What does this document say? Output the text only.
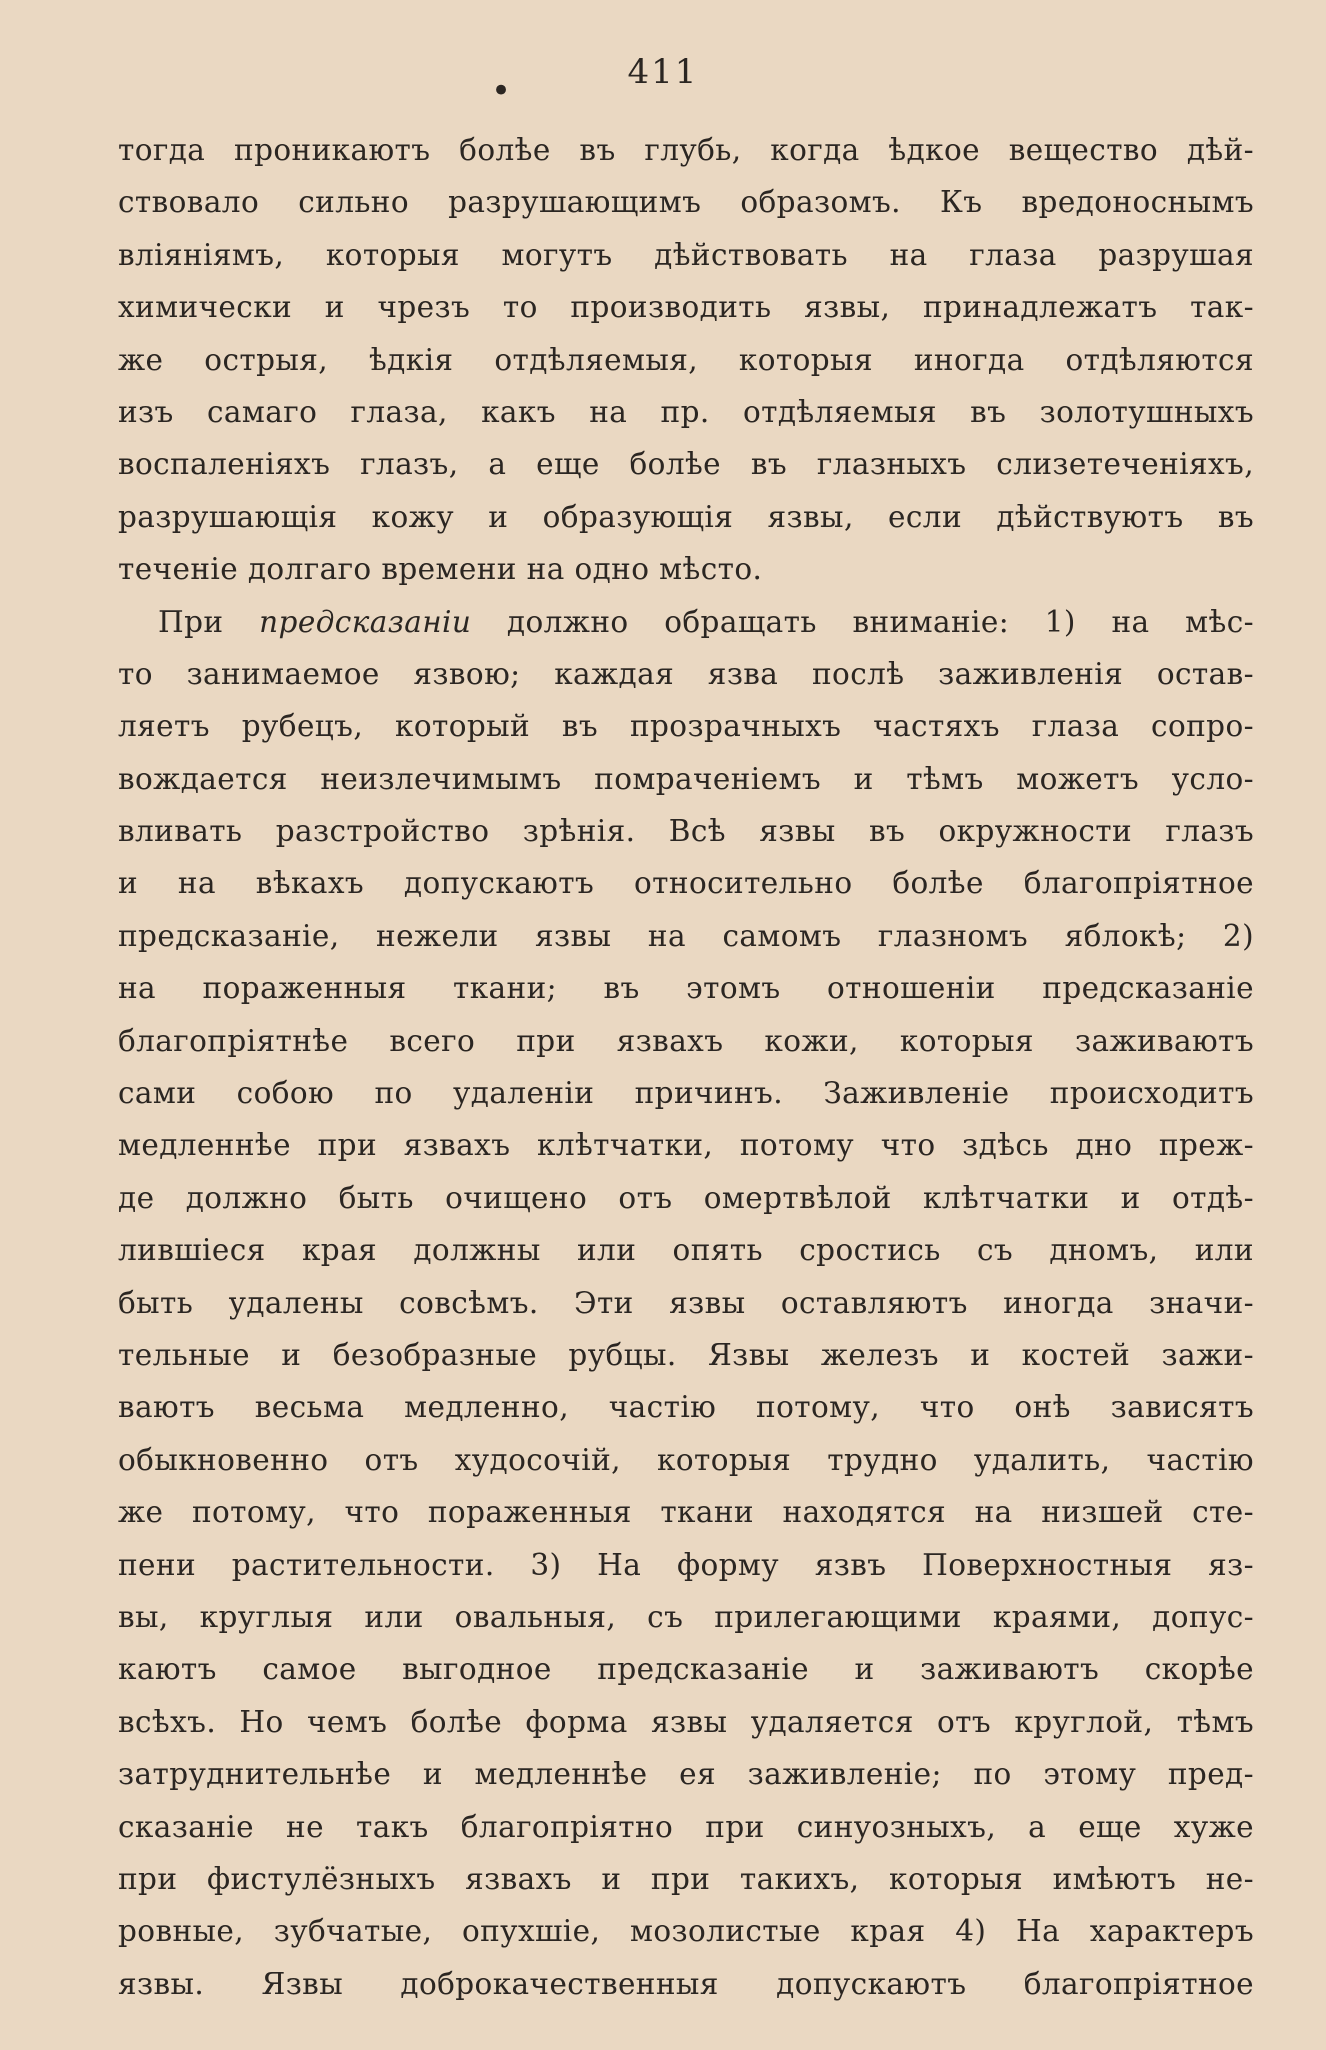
•	411
тогда проникаютъ болѣе въ глубь, когда ѣдкое вещество дѣй-
ствовало сильно разрушающимъ образомъ. Къ вредоноснымъ
вліяніямъ, которыя могутъ дѣйствовать на глаза разрушая
химически и чрезъ то производить язвы, принадлежатъ так-
же острыя, ѣдкія отдѣляемыя, которыя иногда отдѣляются
изъ самаго глаза, какъ на пр. отдѣляемыя въ золотушныхъ
воспаленіяхъ глазъ, а еще болѣе въ глазныхъ слизетеченіяхъ,
разрушающія кожу и образующія язвы, если дѣйствуютъ въ
теченіе долгаго времени на одно мѣсто.
При предсказаніи должно обращать вниманіе: 1) на мѣс-
то занимаемое язвою; каждая язва послѣ заживленія остав-
ляетъ рубецъ, который въ прозрачныхъ частяхъ глаза сопро-
вождается неизлечимымъ помраченіемъ и тѣмъ можетъ усло-
вливать разстройство зрѣнія. Всѣ язвы въ окружности глазъ
и на вѣкахъ допускаютъ относительно болѣе благопріятное
предсказаніе, нежели язвы на самомъ глазномъ яблокѣ; 2)
на пораженныя ткани; въ этомъ отношеніи предсказаніе
благопріятнѣе всего при язвахъ кожи, которыя заживаютъ
сами собою по удаленіи причинъ. Заживленіе происходитъ
медленнѣе при язвахъ клѣтчатки, потому что здѣсь дно преж-
де должно быть очищено отъ омертвѣлой клѣтчатки и отдѣ-
лившіеся края должны или опять сростись съ дномъ, или
быть удалены совсѣмъ. Эти язвы оставляютъ иногда значи-
тельные и безобразные рубцы. Язвы железъ и костей зажи-
ваютъ весьма медленно, частію потому, что онѣ зависятъ
обыкновенно отъ худосочій, которыя трудно удалить, частію
же потому, что пораженныя ткани находятся на низшей сте-
пени растительности. 3) На форму язвъ Поверхностныя яз-
вы, круглыя или овальныя, съ прилегающими краями, допус-
каютъ самое выгодное предсказаніе и заживаютъ скорѣе
всѣхъ. Но чемъ болѣе форма язвы удаляется отъ круглой, тѣмъ
затруднительнѣе и медленнѣе ея заживленіе; по этому пред-
сказаніе не такъ благопріятно при синуозныхъ, а еще хуже
при фистулёзныхъ язвахъ и при такихъ, которыя имѣютъ не-
ровные, зубчатые, опухшіе, мозолистые края 4) На характеръ
язвы. Язвы доброкачественныя допускаютъ благопріятное
